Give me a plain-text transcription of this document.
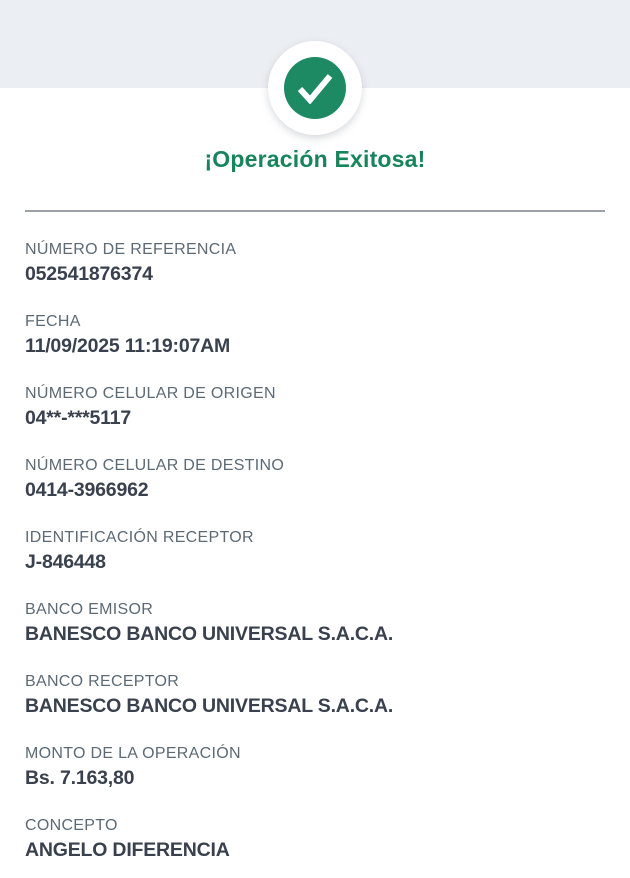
¡Operación Exitosa!
NÚMERO DE REFERENCIA
052541876374
FECHA
11/09/2025 11:19:07AM
NÚMERO CELULAR DE ORIGEN
04**-***5117
NÚMERO CELULAR DE DESTINO
0414-3966962
IDENTIFICACIÓN RECEPTOR
J-846448
BANCO EMISOR
BANESCO BANCO UNIVERSAL S.A.C.A.
BANCO RECEPTOR
BANESCO BANCO UNIVERSAL S.A.C.A.
MONTO DE LA OPERACIÓN
Bs. 7.163,80
CONCEPTO
ANGELO DIFERENCIA
